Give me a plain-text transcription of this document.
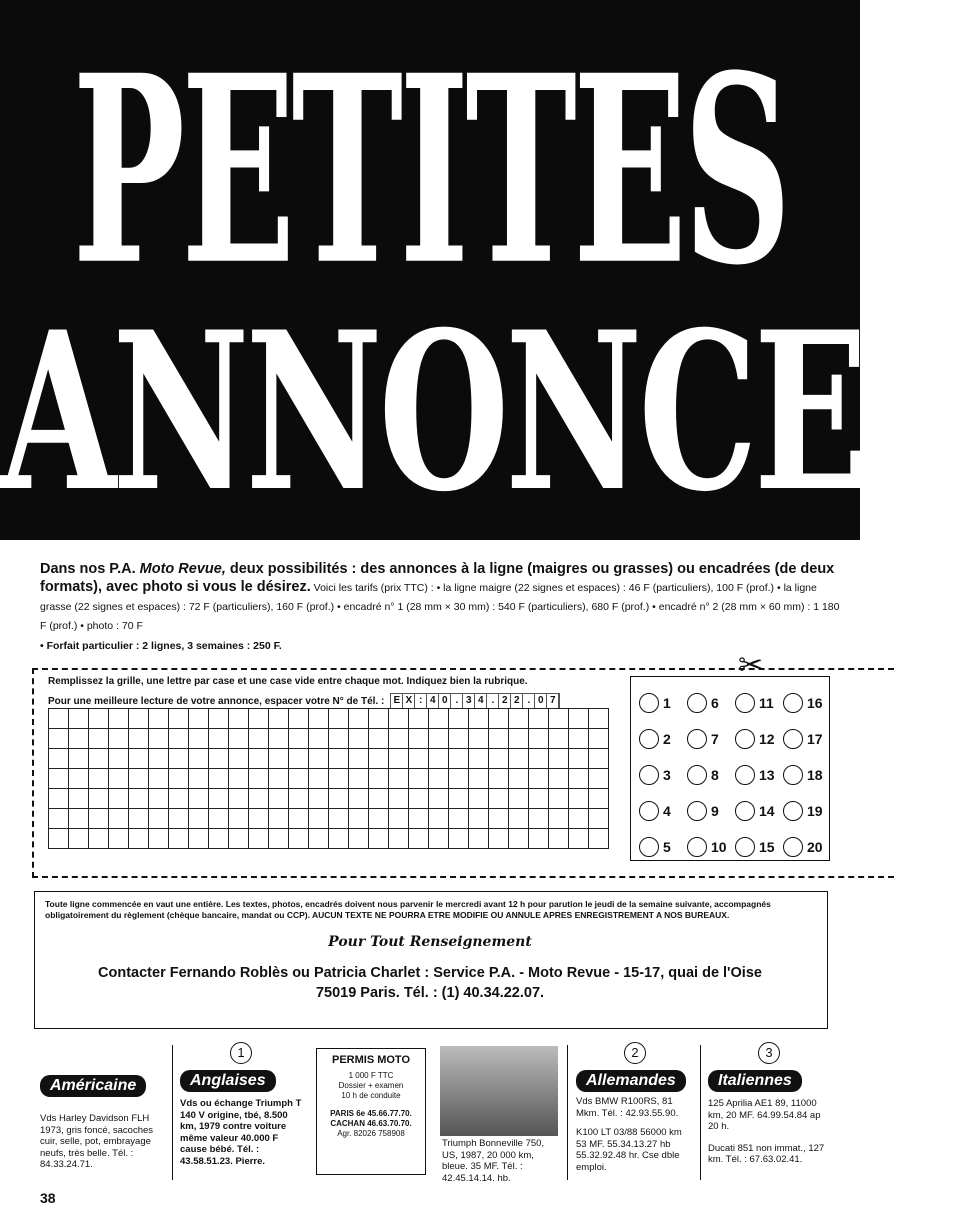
PETITES
ANNONCES
Dans nos P.A. Moto Revue, deux possibilités : des annonces à la ligne (maigres ou grasses) ou encadrées (de deux formats), avec photo si vous le désirez. Voici les tarifs (prix TTC) : • la ligne maigre (22 signes et espaces) : 46 F (particuliers), 100 F (prof.) • la ligne grasse (22 signes et espaces) : 72 F (particuliers), 160 F (prof.) • encadré n° 1 (28 mm × 30 mm) : 540 F (particuliers), 680 F (prof.) • encadré n° 2 (28 mm × 60 mm) : 1 180 F (prof.) • photo : 70 F
• Forfait particulier : 2 lignes, 3 semaines : 250 F.
✂
Remplissez la grille, une lettre par case et une case vide entre chaque mot. Indiquez bien la rubrique.
Pour une meilleure lecture de votre annonce, espacer votre N° de Tél. : E X : 4 0 . 3 4 . 2 2 . 0 7	1	6	11 16
2	7	12 17
3	8	13 18
4	9	14 19
5	10 15 20
Toute ligne commencée en vaut une entière. Les textes, photos, encadrés doivent nous parvenir le mercredi avant 12 h pour parution le jeudi de la semaine suivante, accompagnés obligatoirement du règlement (chèque bancaire, mandat ou CCP). AUCUN TEXTE NE POURRA ETRE MODIFIE OU ANNULE APRES ENREGISTREMENT A NOS BUREAUX.
Pour Tout Renseignement
Contacter Fernando Roblès ou Patricia Charlet : Service P.A. - Moto Revue - 15-17, quai de l'Oise
75019 Paris. Tél. : (1) 40.34.22.07.
Américaine
Vds Harley Davidson FLH 1973, gris foncé, sacoches cuir, selle, pot, embrayage neufs, très belle. Tél. : 84.33.24.71.
1
Anglaises
Vds ou échange Triumph T 140 V origine, tbé, 8.500 km, 1979 contre voiture même valeur 40.000 F cause bébé. Tél. : 43.58.51.23. Pierre.
PERMIS MOTO
1 000 F TTC
Dossier + examen
10 h de conduite
PARIS 6e 45.66.77.70.
CACHAN 46.63.70.70.
Agr. 82026 758908
Triumph Bonneville 750, US, 1987, 20 000 km, bleue. 35 MF. Tél. : 42.45.14.14. hb.
2
Allemandes
Vds BMW R100RS, 81 Mkm. Tél. : 42.93.55.90.
K100 LT 03/88 56000 km 53 MF. 55.34.13.27 hb 55.32.92.48 hr. Cse dble emploi.
3
Italiennes
125 Aprilia AE1 89, 11000 km, 20 MF. 64.99.54.84 ap 20 h.
Ducati 851 non immat., 127 km. Tél. : 67.63.02.41.
38
